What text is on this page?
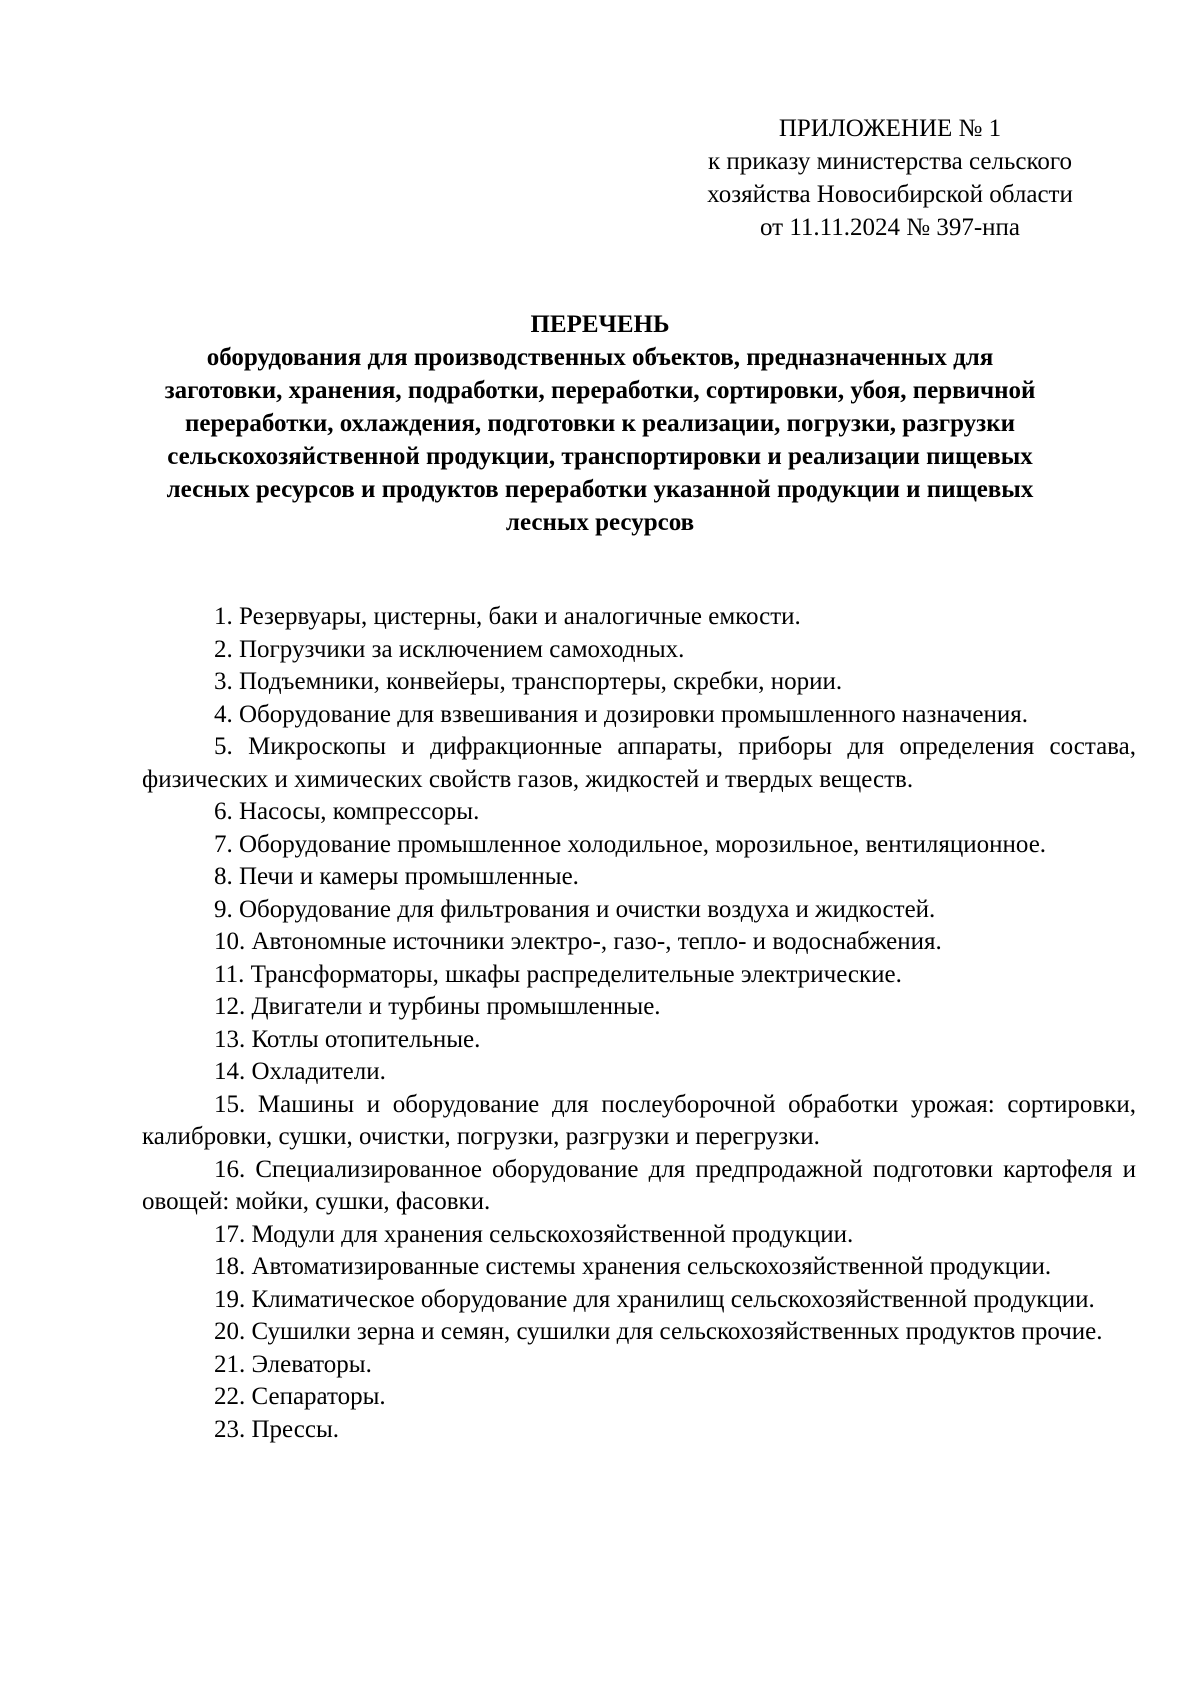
ПРИЛОЖЕНИЕ № 1
к приказу министерства сельского
хозяйства Новосибирской области
от 11.11.2024 № 397-нпа
ПЕРЕЧЕНЬ
оборудования для производственных объектов, предназначенных для
заготовки, хранения, подработки, переработки, сортировки, убоя, первичной
переработки, охлаждения, подготовки к реализации, погрузки, разгрузки
сельскохозяйственной продукции, транспортировки и реализации пищевых
лесных ресурсов и продуктов переработки указанной продукции и пищевых
лесных ресурсов

1. Резервуары, цистерны, баки и аналогичные емкости.

2. Погрузчики за исключением самоходных.

3. Подъемники, конвейеры, транспортеры, скребки, нории.

4. Оборудование для взвешивания и дозировки промышленного назначения.

5. Микроскопы и дифракционные аппараты, приборы для определения состава, физических и химических свойств газов, жидкостей и твердых веществ.

6. Насосы, компрессоры.

7. Оборудование промышленное холодильное, морозильное, вентиляционное.

8. Печи и камеры промышленные.

9. Оборудование для фильтрования и очистки воздуха и жидкостей.

10. Автономные источники электро-, газо-, тепло- и водоснабжения.

11. Трансформаторы, шкафы распределительные электрические.

12. Двигатели и турбины промышленные.

13. Котлы отопительные.

14. Охладители.

15. Машины и оборудование для послеуборочной обработки урожая: сортировки, калибровки, сушки, очистки, погрузки, разгрузки и перегрузки.

16. Специализированное оборудование для предпродажной подготовки картофеля и овощей: мойки, сушки, фасовки.

17. Модули для хранения сельскохозяйственной продукции.

18. Автоматизированные системы хранения сельскохозяйственной продукции.

19. Климатическое оборудование для хранилищ сельскохозяйственной продукции.

20. Сушилки зерна и семян, сушилки для сельскохозяйственных продуктов прочие.

21. Элеваторы.

22. Сепараторы.

23. Прессы.
